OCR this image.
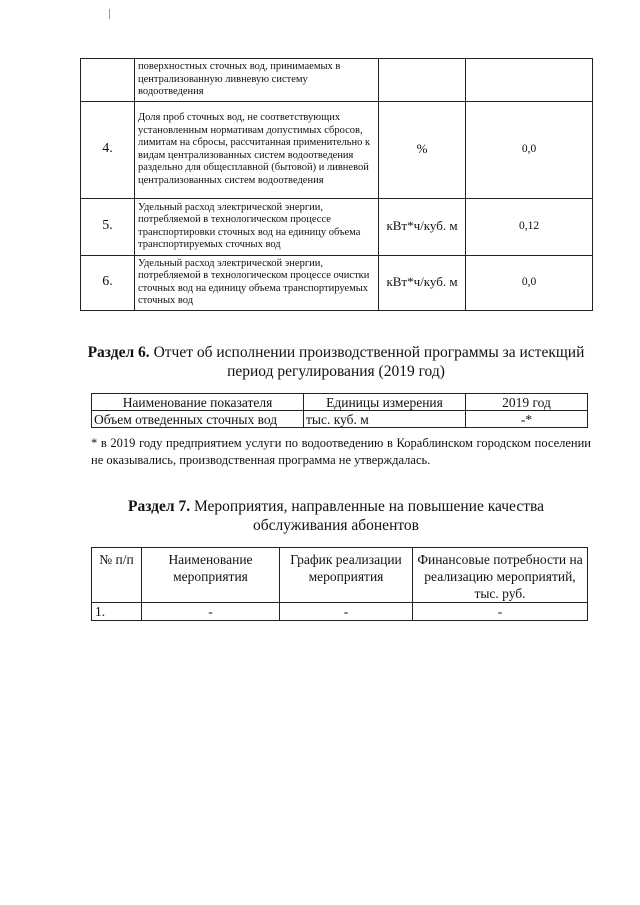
	поверхностных сточных вод, принимаемых в централизованную ливневую систему водоотведения		
4.	Доля проб сточных вод, не соответствующих установленным нормативам допустимых сбросов, лимитам на сбросы, рассчитанная применительно к видам централизованных систем водоотведения раздельно для общесплавной (бытовой) и ливневой централизованных систем водоотведения	%	0,0
5.	Удельный расход электрической энергии, потребляемой в технологическом процессе транспортировки сточных вод на единицу объема транспортируемых сточных вод	кВт*ч/куб. м	0,12
6.	Удельный расход электрической энергии, потребляемой в технологическом процессе очистки сточных вод на единицу объема транспортируемых сточных вод	кВт*ч/куб. м	0,0
Раздел 6. Отчет об исполнении производственной программы за истекщий период регулирования (2019 год)
Наименование показателя	Единицы измерения	2019 год
Объем отведенных сточных вод	тыс. куб. м	-*
* в 2019 году предприятием услуги по водоотведению в Кораблинском городском поселении не оказывались, производственная программа не утверждалась.
Раздел 7. Мероприятия, направленные на повышение качества обслуживания абонентов
№ п/п	Наименование мероприятия	График реализации мероприятия	Финансовые потребности на реализацию мероприятий, тыс. руб.
1.	-	-	-
